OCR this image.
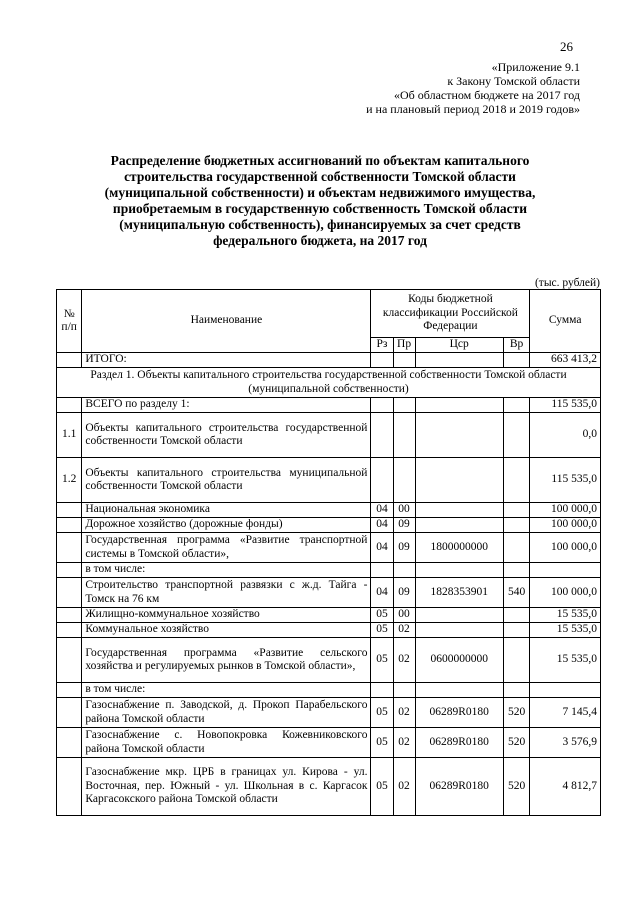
26
«Приложение 9.1
к Закону Томской области
«Об областном бюджете на 2017 год
и на плановый период 2018 и 2019 годов»
Распределение бюджетных ассигнований по объектам капитального
строительства государственной собственности Томской области
(муниципальной собственности) и объектам недвижимого имущества,
приобретаемым в государственную собственность Томской области
(муниципальную собственность), финансируемых за счет средств
федерального бюджета, на 2017 год
(тыс. рублей)
№ п/п	Наименование	Коды бюджетной классификации Российской Федерации				Сумма
		Рз	Пр	Цср	Вр	
	ИТОГО:					663 413,2
Раздел 1. Объекты капитального строительства государственной собственности Томской области (муниципальной собственности)						
	ВСЕГО по разделу 1:					115 535,0
1.1	Объекты капитального строительства государственной собственности Томской области					0,0
1.2	Объекты капитального строительства муниципальной собственности Томской области					115 535,0
	Национальная экономика	04	00			100 000,0
	Дорожное хозяйство (дорожные фонды)	04	09			100 000,0
	Государственная программа «Развитие транспортной системы в Томской области»,	04	09	1800000000		100 000,0
	в том числе:					
	Строительство транспортной развязки с ж.д. Тайга - Томск на 76 км	04	09	1828353901	540	100 000,0
	Жилищно-коммунальное хозяйство	05	00			15 535,0
	Коммунальное хозяйство	05	02			15 535,0
	Государственная программа «Развитие сельского хозяйства и регулируемых рынков в Томской области»,	05	02	0600000000		15 535,0
	в том числе:					
	Газоснабжение п. Заводской, д. Прокоп Парабельского района Томской области	05	02	06289R0180	520	7 145,4
	Газоснабжение с. Новопокровка Кожевниковского района Томской области	05	02	06289R0180	520	3 576,9
	Газоснабжение мкр. ЦРБ в границах ул. Кирова - ул. Восточная, пер. Южный - ул. Школьная в с. Каргасок Каргасокского района Томской области	05	02	06289R0180	520	4 812,7
